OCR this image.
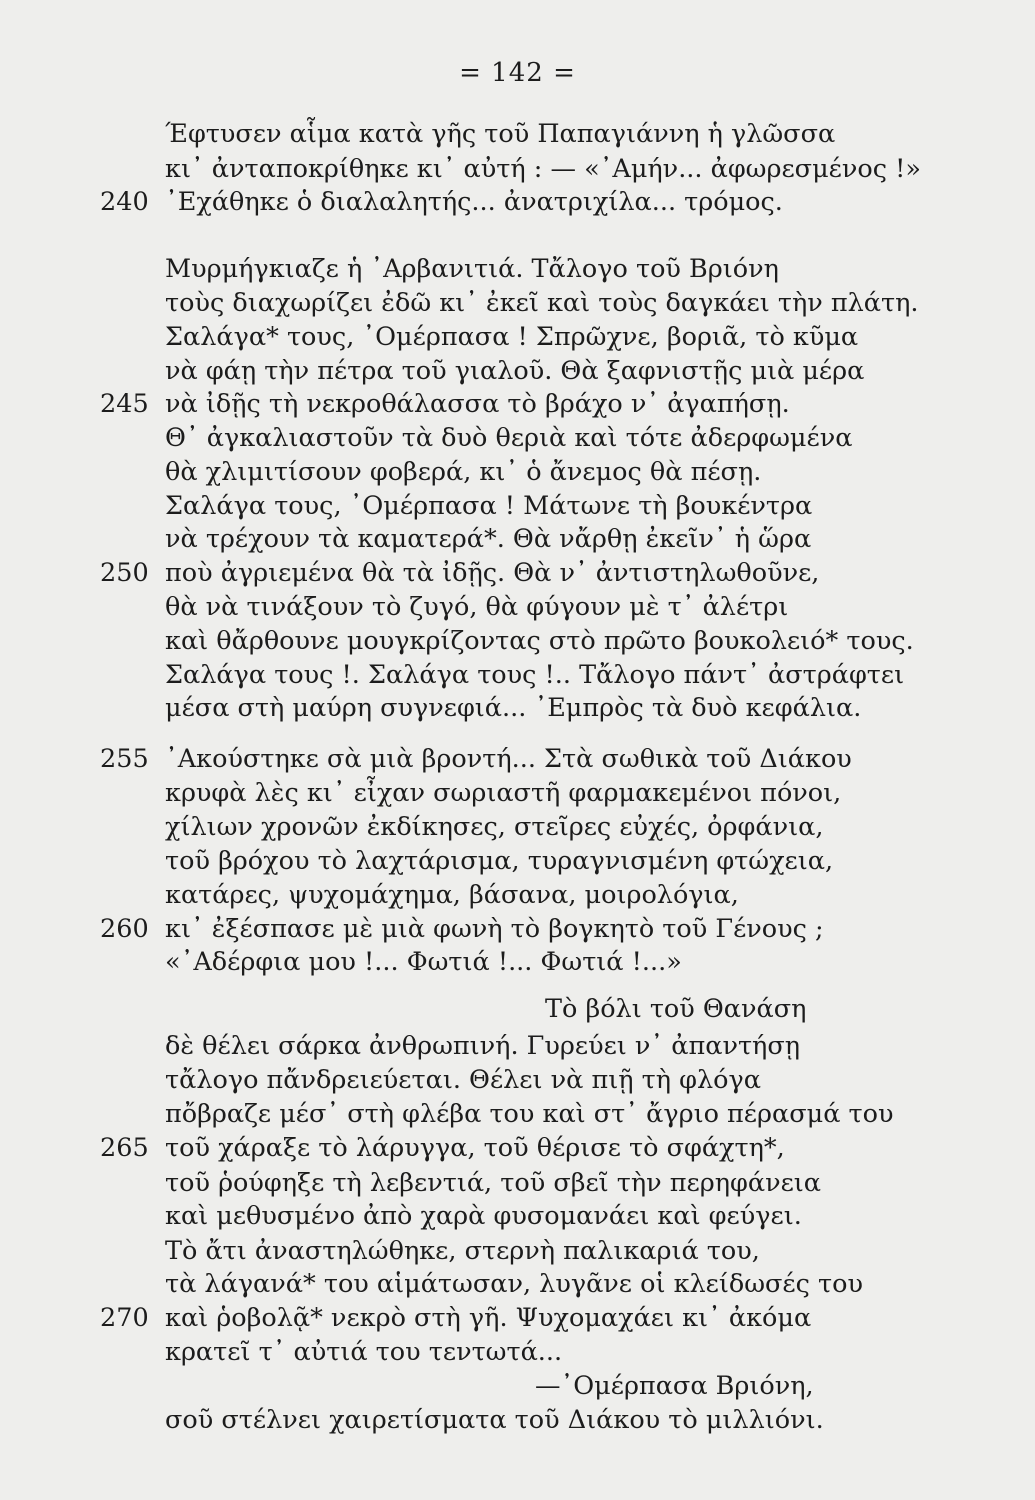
= 142 =
Έφτυσεν αἷμα κατὰ γῆς τοῦ Παπαγιάννη ἡ γλῶσσα
κι᾿ ἀνταποκρίθηκε κι᾿ αὐτή : — «᾿Αμήν... ἀφωρεσμένος !»
᾿Εχάθηκε ὁ διαλαλητής... ἀνατριχίλα... τρόμος.
240
Μυρμήγκιαζε ἡ ᾿Αρβανιτιά. Τἄλογο τοῦ Βριόνη
τοὺς διαχωρίζει ἐδῶ κι᾿ ἐκεῖ καὶ τοὺς δαγκάει τὴν πλάτη.
Σαλάγα* τους, ᾿Ομέρπασα ! Σπρῶχνε, βοριᾶ, τὸ κῦμα
νὰ φάῃ τὴν πέτρα τοῦ γιαλοῦ. Θὰ ξαφνιστῇς μιὰ μέρα
νὰ ἰδῇς τὴ νεκροθάλασσα τὸ βράχο ν᾿ ἀγαπήσῃ.
245
Θ᾿ ἀγκαλιαστοῦν τὰ δυὸ θεριὰ καὶ τότε ἀδερφωμένα
θὰ χλιμιτίσουν φοβερά, κι᾿ ὁ ἄνεμος θὰ πέσῃ.
Σαλάγα τους, ᾿Ομέρπασα ! Μάτωνε τὴ βουκέντρα
νὰ τρέχουν τὰ καματερά*. Θὰ νἄρθῃ ἐκεῖν᾿ ἡ ὥρα
ποὺ ἀγριεμένα θὰ τὰ ἰδῇς. Θὰ ν᾿ ἀντιστηλωθοῦνε,
250
θὰ νὰ τινάξουν τὸ ζυγό, θὰ φύγουν μὲ τ᾿ ἀλέτρι
καὶ θἄρθουνε μουγκρίζοντας στὸ πρῶτο βουκολειό* τους.
Σαλάγα τους !. Σαλάγα τους !.. Τἄλογο πάντ᾿ ἀστράφτει
μέσα στὴ μαύρη συγνεφιά... ᾿Εμπρὸς τὰ δυὸ κεφάλια.
᾿Ακούστηκε σὰ μιὰ βροντή... Στὰ σωθικὰ τοῦ Διάκου
255
κρυφὰ λὲς κι᾿ εἶχαν σωριαστῆ φαρμακεμένοι πόνοι,
χίλιων χρονῶν ἐκδίκησες, στεῖρες εὐχές, ὀρφάνια,
τοῦ βρόχου τὸ λαχτάρισμα, τυραγνισμένη φτώχεια,
κατάρες, ψυχομάχημα, βάσανα, μοιρολόγια,
κι᾿ ἐξέσπασε μὲ μιὰ φωνὴ τὸ βογκητὸ τοῦ Γένους ;
260
«᾿Αδέρφια μου !... Φωτιά !... Φωτιά !...»
Τὸ βόλι τοῦ Θανάση
δὲ θέλει σάρκα ἀνθρωπινή. Γυρεύει ν᾿ ἀπαντήσῃ
τἄλογο πἄνδρειεύεται. Θέλει νὰ πιῇ τὴ φλόγα
πὄβραζε μέσ᾿ στὴ φλέβα του καὶ στ᾿ ἄγριο πέρασμά του
τοῦ χάραξε τὸ λάρυγγα, τοῦ θέρισε τὸ σφάχτη*,
265
τοῦ ῥούφηξε τὴ λεβεντιά, τοῦ σβεῖ τὴν περηφάνεια
καὶ μεθυσμένο ἀπὸ χαρὰ φυσομανάει καὶ φεύγει.
Τὸ ἄτι ἀναστηλώθηκε, στερνὴ παλικαριά του,
τὰ λάγανά* του αἱμάτωσαν, λυγᾶνε οἱ κλείδωσές του
καὶ ῥοβολᾷ* νεκρὸ στὴ γῆ. Ψυχομαχάει κι᾿ ἀκόμα
270
κρατεῖ τ᾿ αὐτιά του τεντωτά...
—᾿Ομέρπασα Βριόνη,
σοῦ στέλνει χαιρετίσματα τοῦ Διάκου τὸ μιλλιόνι.
